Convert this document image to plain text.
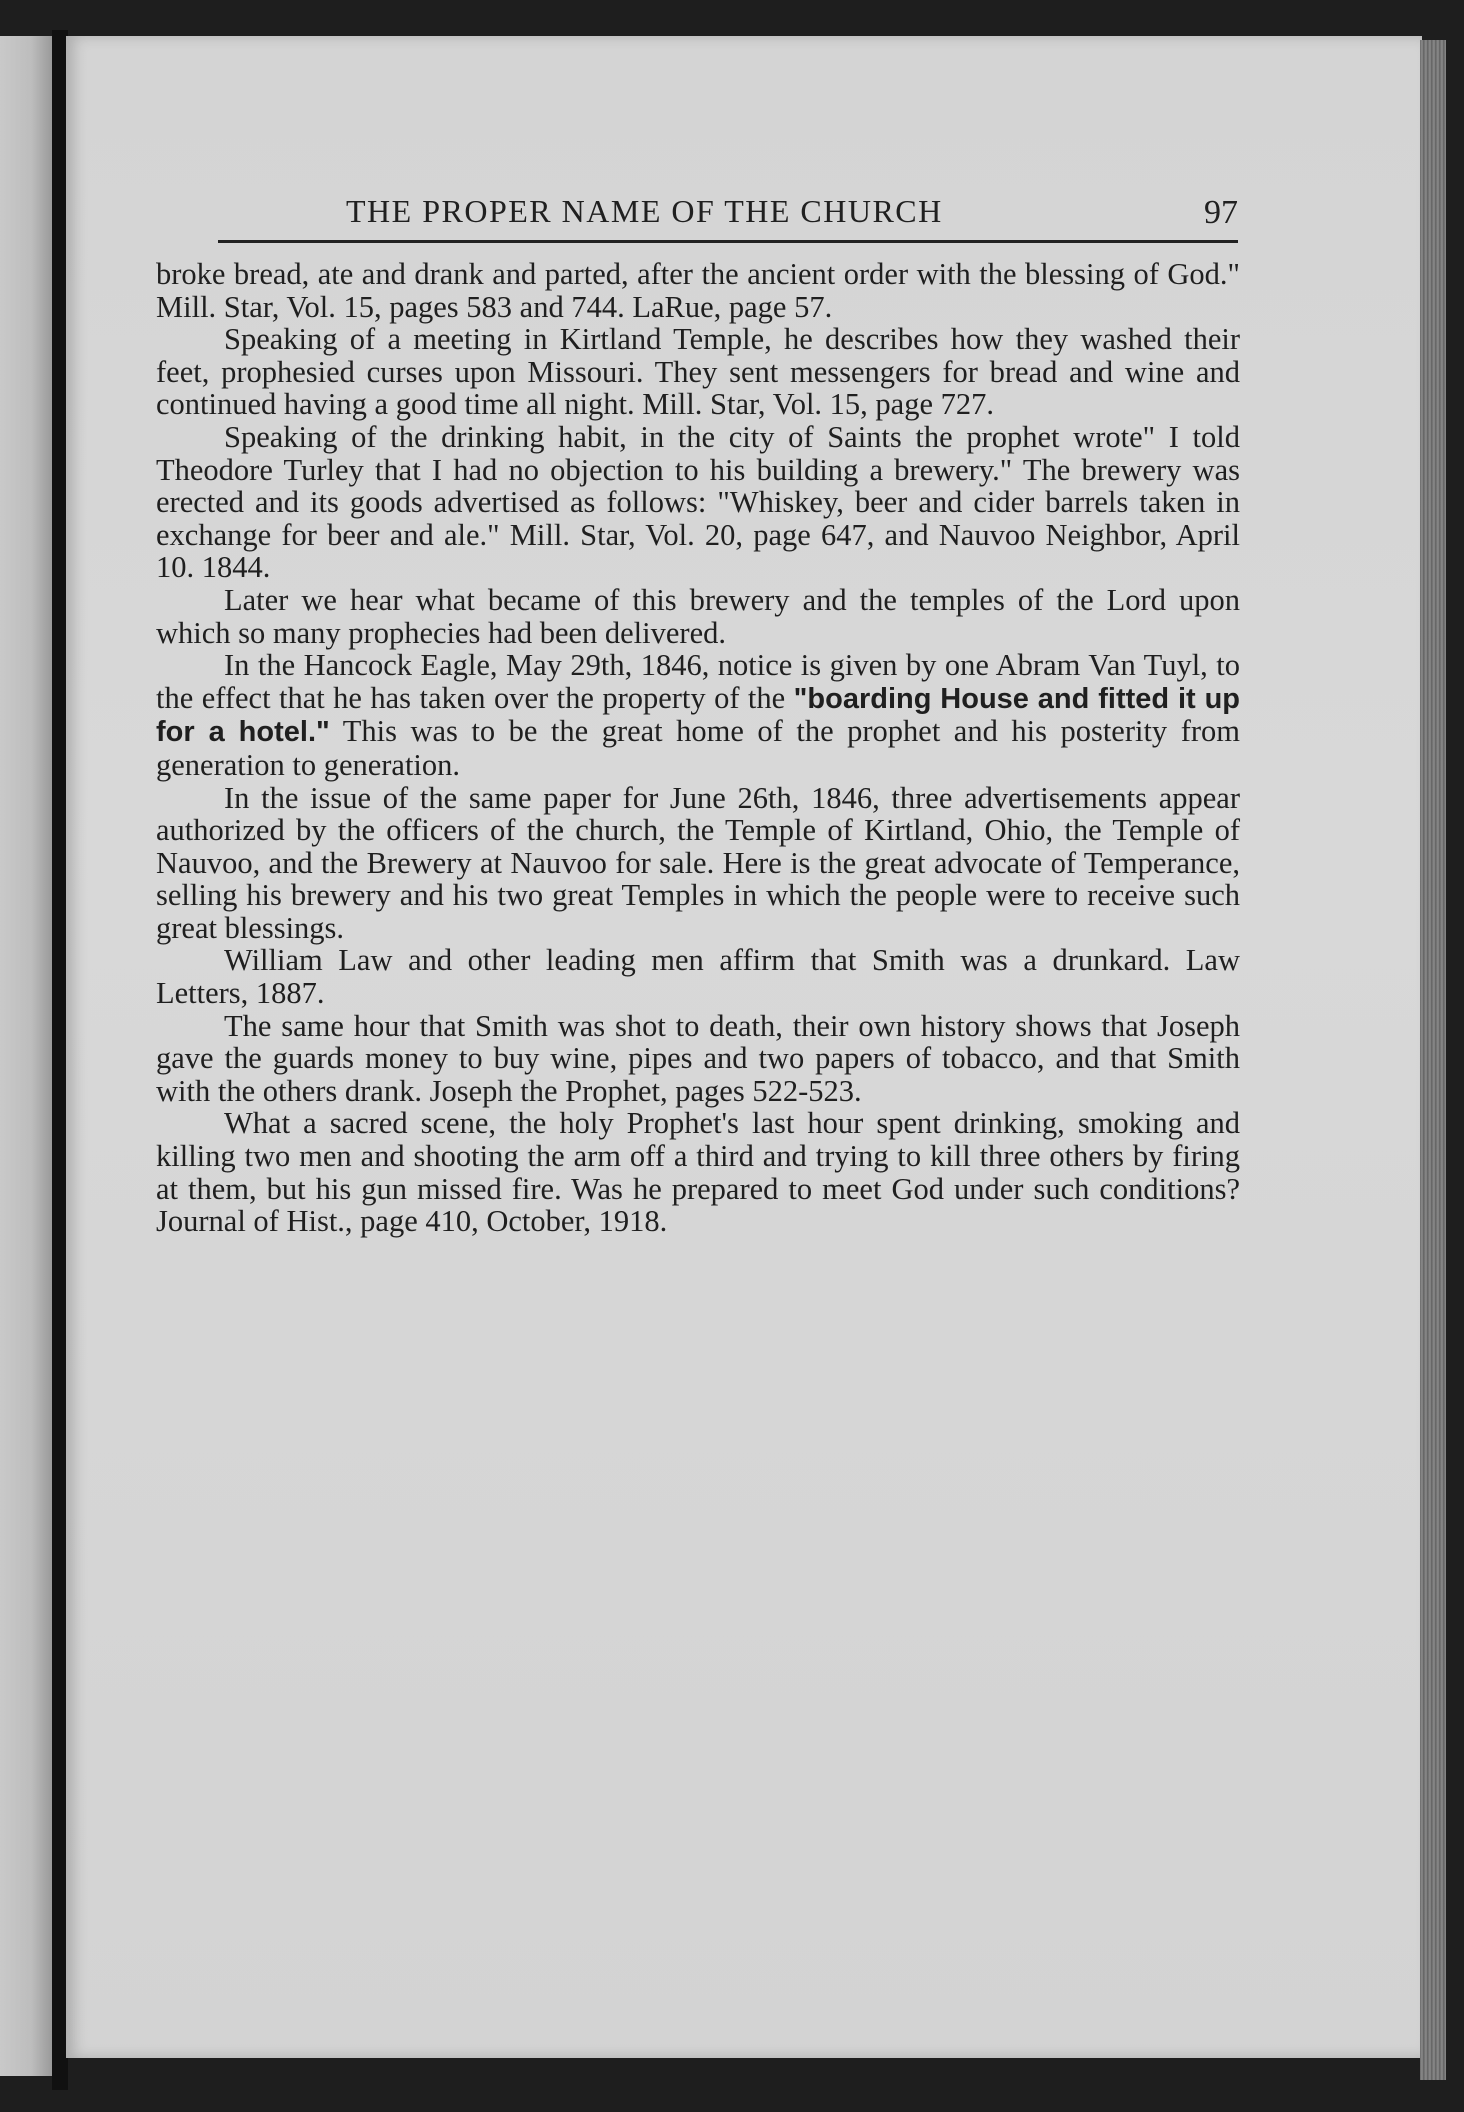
THE PROPER NAME OF THE CHURCH	97

broke bread, ate and drank and parted, after the ancient order with the blessing of God." Mill. Star, Vol. 15, pages 583 and 744. LaRue, page 57.

Speaking of a meeting in Kirtland Temple, he describes how they washed their feet, prophesied curses upon Missouri. They sent messengers for bread and wine and continued having a good time all night. Mill. Star, Vol. 15, page 727.

Speaking of the drinking habit, in the city of Saints the prophet wrote" I told Theodore Turley that I had no objection to his building a brewery." The brewery was erected and its goods advertised as follows: "Whiskey, beer and cider barrels taken in exchange for beer and ale." Mill. Star, Vol. 20, page 647, and Nauvoo Neighbor, April 10. 1844.

Later we hear what became of this brewery and the temples of the Lord upon which so many prophecies had been delivered.

In the Hancock Eagle, May 29th, 1846, notice is given by one Abram Van Tuyl, to the effect that he has taken over the property of the "boarding House and fitted it up for a hotel." This was to be the great home of the prophet and his posterity from generation to generation.

In the issue of the same paper for June 26th, 1846, three advertisements appear authorized by the officers of the church, the Temple of Kirtland, Ohio, the Temple of Nauvoo, and the Brewery at Nauvoo for sale. Here is the great advocate of Temperance, selling his brewery and his two great Temples in which the people were to receive such great blessings.

William Law and other leading men affirm that Smith was a drunkard. Law Letters, 1887.

The same hour that Smith was shot to death, their own history shows that Joseph gave the guards money to buy wine, pipes and two papers of tobacco, and that Smith with the others drank. Joseph the Prophet, pages 522-523.

What a sacred scene, the holy Prophet's last hour spent drinking, smoking and killing two men and shooting the arm off a third and trying to kill three others by firing at them, but his gun missed fire. Was he prepared to meet God under such conditions? Journal of Hist., page 410, October, 1918.
